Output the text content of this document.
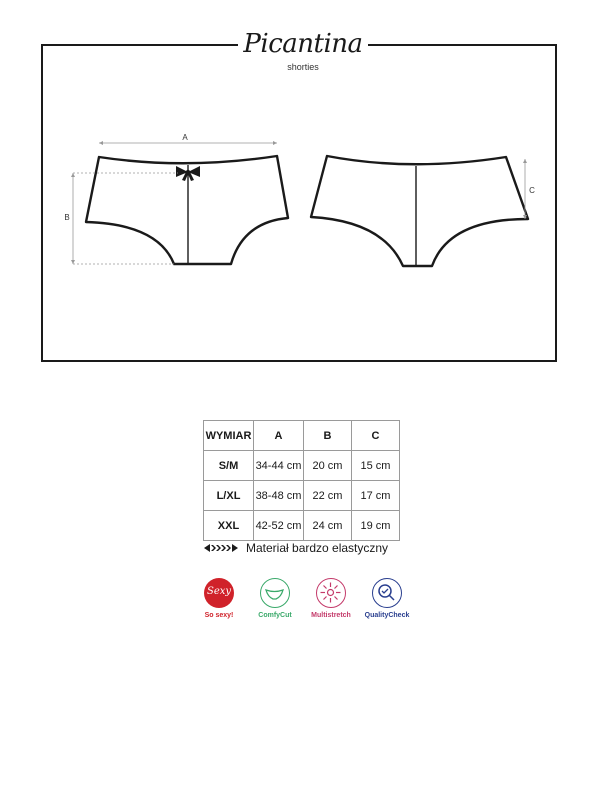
A
B
C
Picantina
shorties
WYMIAR	A	B	C
S/M	34-44 cm	20 cm	15 cm
L/XL	38-48 cm	22 cm	17 cm
XXL	42-52 cm	24 cm	19 cm
Materiał bardzo elastyczny
Sexy
So sexy!	ComfyCut	Multistretch	QualityCheck
